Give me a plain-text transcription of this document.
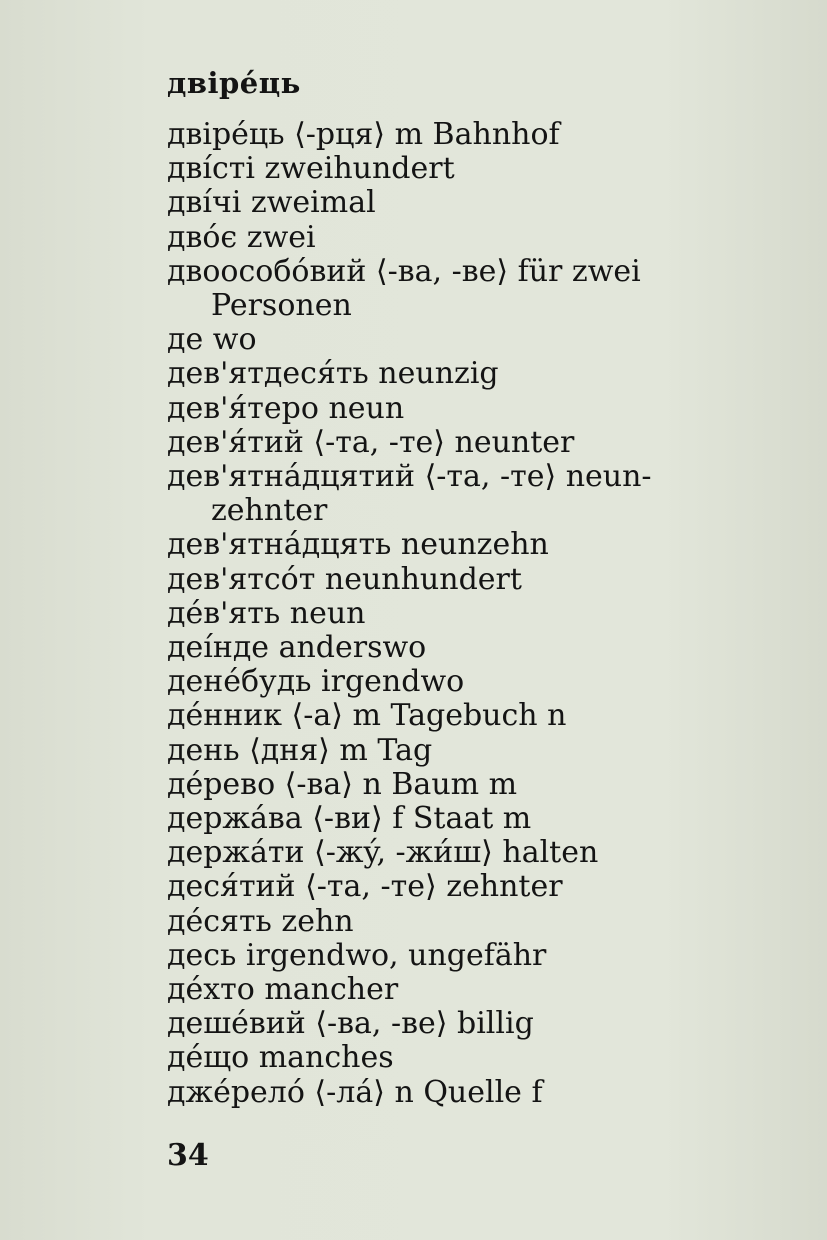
двірéць
двірéць ⟨-рця⟩ m Bahnhof
двíсті zweihundert
двíчі zweimal
двóє zwei
двоособóвий ⟨-ва, -ве⟩ für zwei
Personen
де wo
дев'ятдеся́ть neunzig
дев'я́теро neun
дев'я́тий ⟨-та, -те⟩ neunter
дев'ятнáдцятий ⟨-та, -те⟩ neun-
zehnter
дев'ятнáдцять neunzehn
дев'ятсóт neunhundert
дéв'ять neun
деíнде anderswo
денéбудь irgendwo
дéнник ⟨-а⟩ m Tagebuch n
день ⟨дня⟩ m Tag
дéрево ⟨-ва⟩ n Baum m
держáва ⟨-ви⟩ f Staat m
держáти ⟨-жý, -жи́ш⟩ halten
деся́тий ⟨-та, -те⟩ zehnter
дéсять zehn
десь irgendwo, ungefähr
дéхто mancher
дешéвий ⟨-ва, -ве⟩ billig
дéщо manches
джéрело́ ⟨-лá⟩ n Quelle f
34
